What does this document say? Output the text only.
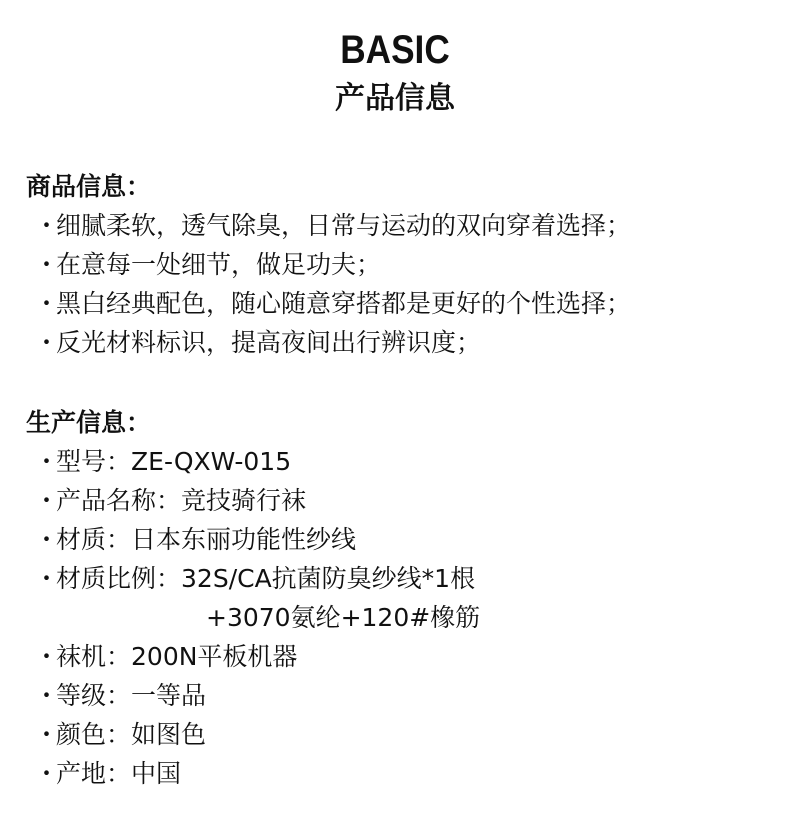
BASIC
产品信息
商品信息：
・
细腻柔软，透气除臭，日常与运动的双向穿着选择；
・
在意每一处细节，做足功夫；
・
黑白经典配色，随心随意穿搭都是更好的个性选择；
・
反光材料标识，提高夜间出行辨识度；
生产信息：
・
型号：ZE-QXW-015
・
产品名称：竞技骑行袜
・
材质：日本东丽功能性纱线
・
材质比例：32S/CA抗菌防臭纱线*1根
+3070氨纶+120#橡筋
・
袜机：200N平板机器
・
等级：一等品
・
颜色：如图色
・
产地：中国
